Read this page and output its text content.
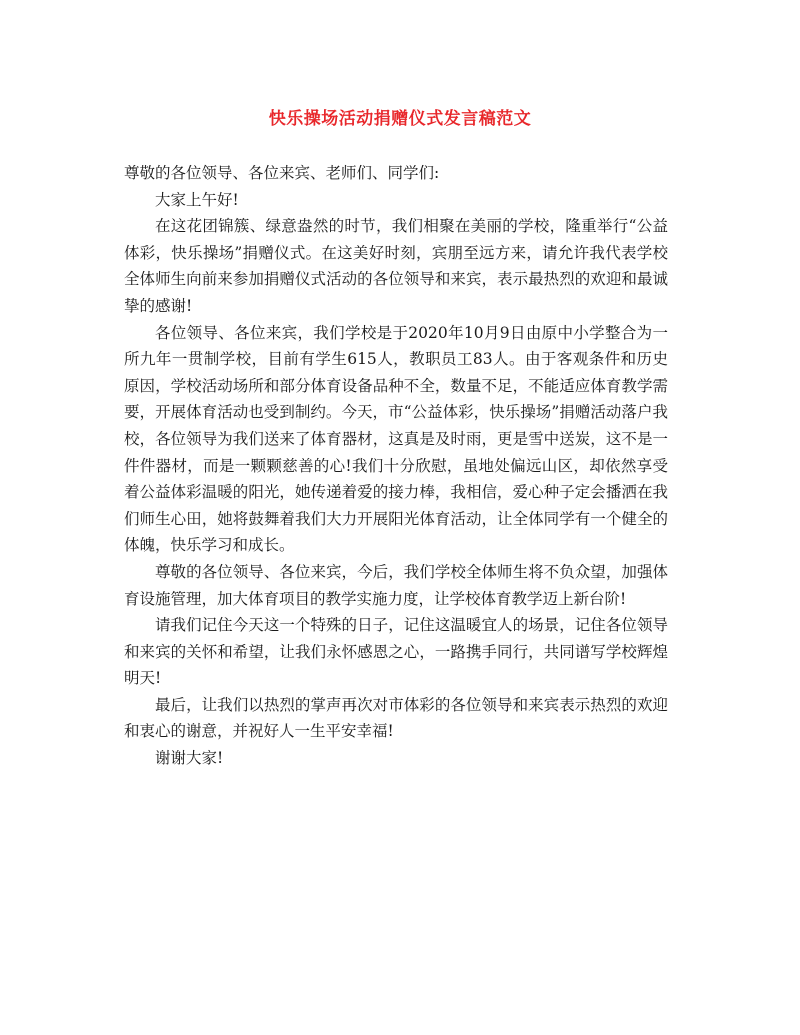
快乐操场活动捐赠仪式发言稿范文

尊敬的各位领导、各位来宾、老师们、同学们:

大家上午好!

在这花团锦簇、绿意盎然的时节，我们相聚在美丽的学校，隆重举行“公益体彩，快乐操场”捐赠仪式。在这美好时刻，宾朋至远方来，请允许我代表学校全体师生向前来参加捐赠仪式活动的各位领导和来宾，表示最热烈的欢迎和最诚挚的感谢!

各位领导、各位来宾，我们学校是于2020年10月9日由原中小学整合为一所九年一贯制学校，目前有学生615人，教职员工83人。由于客观条件和历史原因，学校活动场所和部分体育设备品种不全，数量不足，不能适应体育教学需要，开展体育活动也受到制约。今天，市“公益体彩，快乐操场”捐赠活动落户我校，各位领导为我们送来了体育器材，这真是及时雨，更是雪中送炭，这不是一件件器材，而是一颗颗慈善的心!我们十分欣慰，虽地处偏远山区，却依然享受着公益体彩温暖的阳光，她传递着爱的接力棒，我相信，爱心种子定会播洒在我们师生心田，她将鼓舞着我们大力开展阳光体育活动，让全体同学有一个健全的体魄，快乐学习和成长。

尊敬的各位领导、各位来宾，今后，我们学校全体师生将不负众望，加强体育设施管理，加大体育项目的教学实施力度，让学校体育教学迈上新台阶!

请我们记住今天这一个特殊的日子，记住这温暖宜人的场景，记住各位领导和来宾的关怀和希望，让我们永怀感恩之心，一路携手同行，共同谱写学校辉煌明天!

最后，让我们以热烈的掌声再次对市体彩的各位领导和来宾表示热烈的欢迎和衷心的谢意，并祝好人一生平安幸福!

谢谢大家!
